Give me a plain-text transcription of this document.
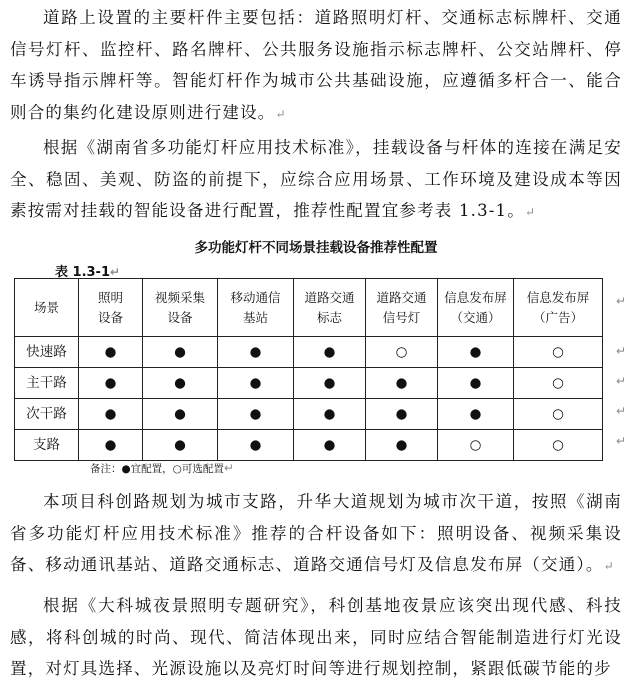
道路上设置的主要杆件主要包括：道路照明灯杆、交通标志标牌杆、交通信号灯杆、监控杆、路名牌杆、公共服务设施指示标志牌杆、公交站牌杆、停车诱导指示牌杆等。智能灯杆作为城市公共基础设施，应遵循多杆合一、能合则合的集约化建设原则进行建设。↵

根据《湖南省多功能灯杆应用技术标准》，挂载设备与杆体的连接在满足安全、稳固、美观、防盗的前提下，应综合应用场景、工作环境及建设成本等因素按需对挂载的智能设备进行配置，推荐性配置宜参考表 1.3-1。↵

多功能灯杆不同场景挂载设备推荐性配置
表 1.3-1↵
场景	照明设备	视频采集设备	移动通信基站	道路交通标志	道路交通信号灯	信息发布屏（交通）	信息发布屏（广告）

快速路	●	●	●	●	○	●	○
主干路	●	●	●	●	●	●	○
次干路	●	●	●	●	●	●	○
支路	●	●	●	●	●	○	○
↵
↵
↵
↵
↵
备注：●宜配置，○可选配置↵

本项目科创路规划为城市支路，升华大道规划为城市次干道，按照《湖南省多功能灯杆应用技术标准》推荐的合杆设备如下：照明设备、视频采集设备、移动通讯基站、道路交通标志、道路交通信号灯及信息发布屏（交通）。↵

根据《大科城夜景照明专题研究》，科创基地夜景应该突出现代感、科技感，将科创城的时尚、现代、简洁体现出来，同时应结合智能制造进行灯光设置，对灯具选择、光源设施以及亮灯时间等进行规划控制，紧跟低碳节能的步
